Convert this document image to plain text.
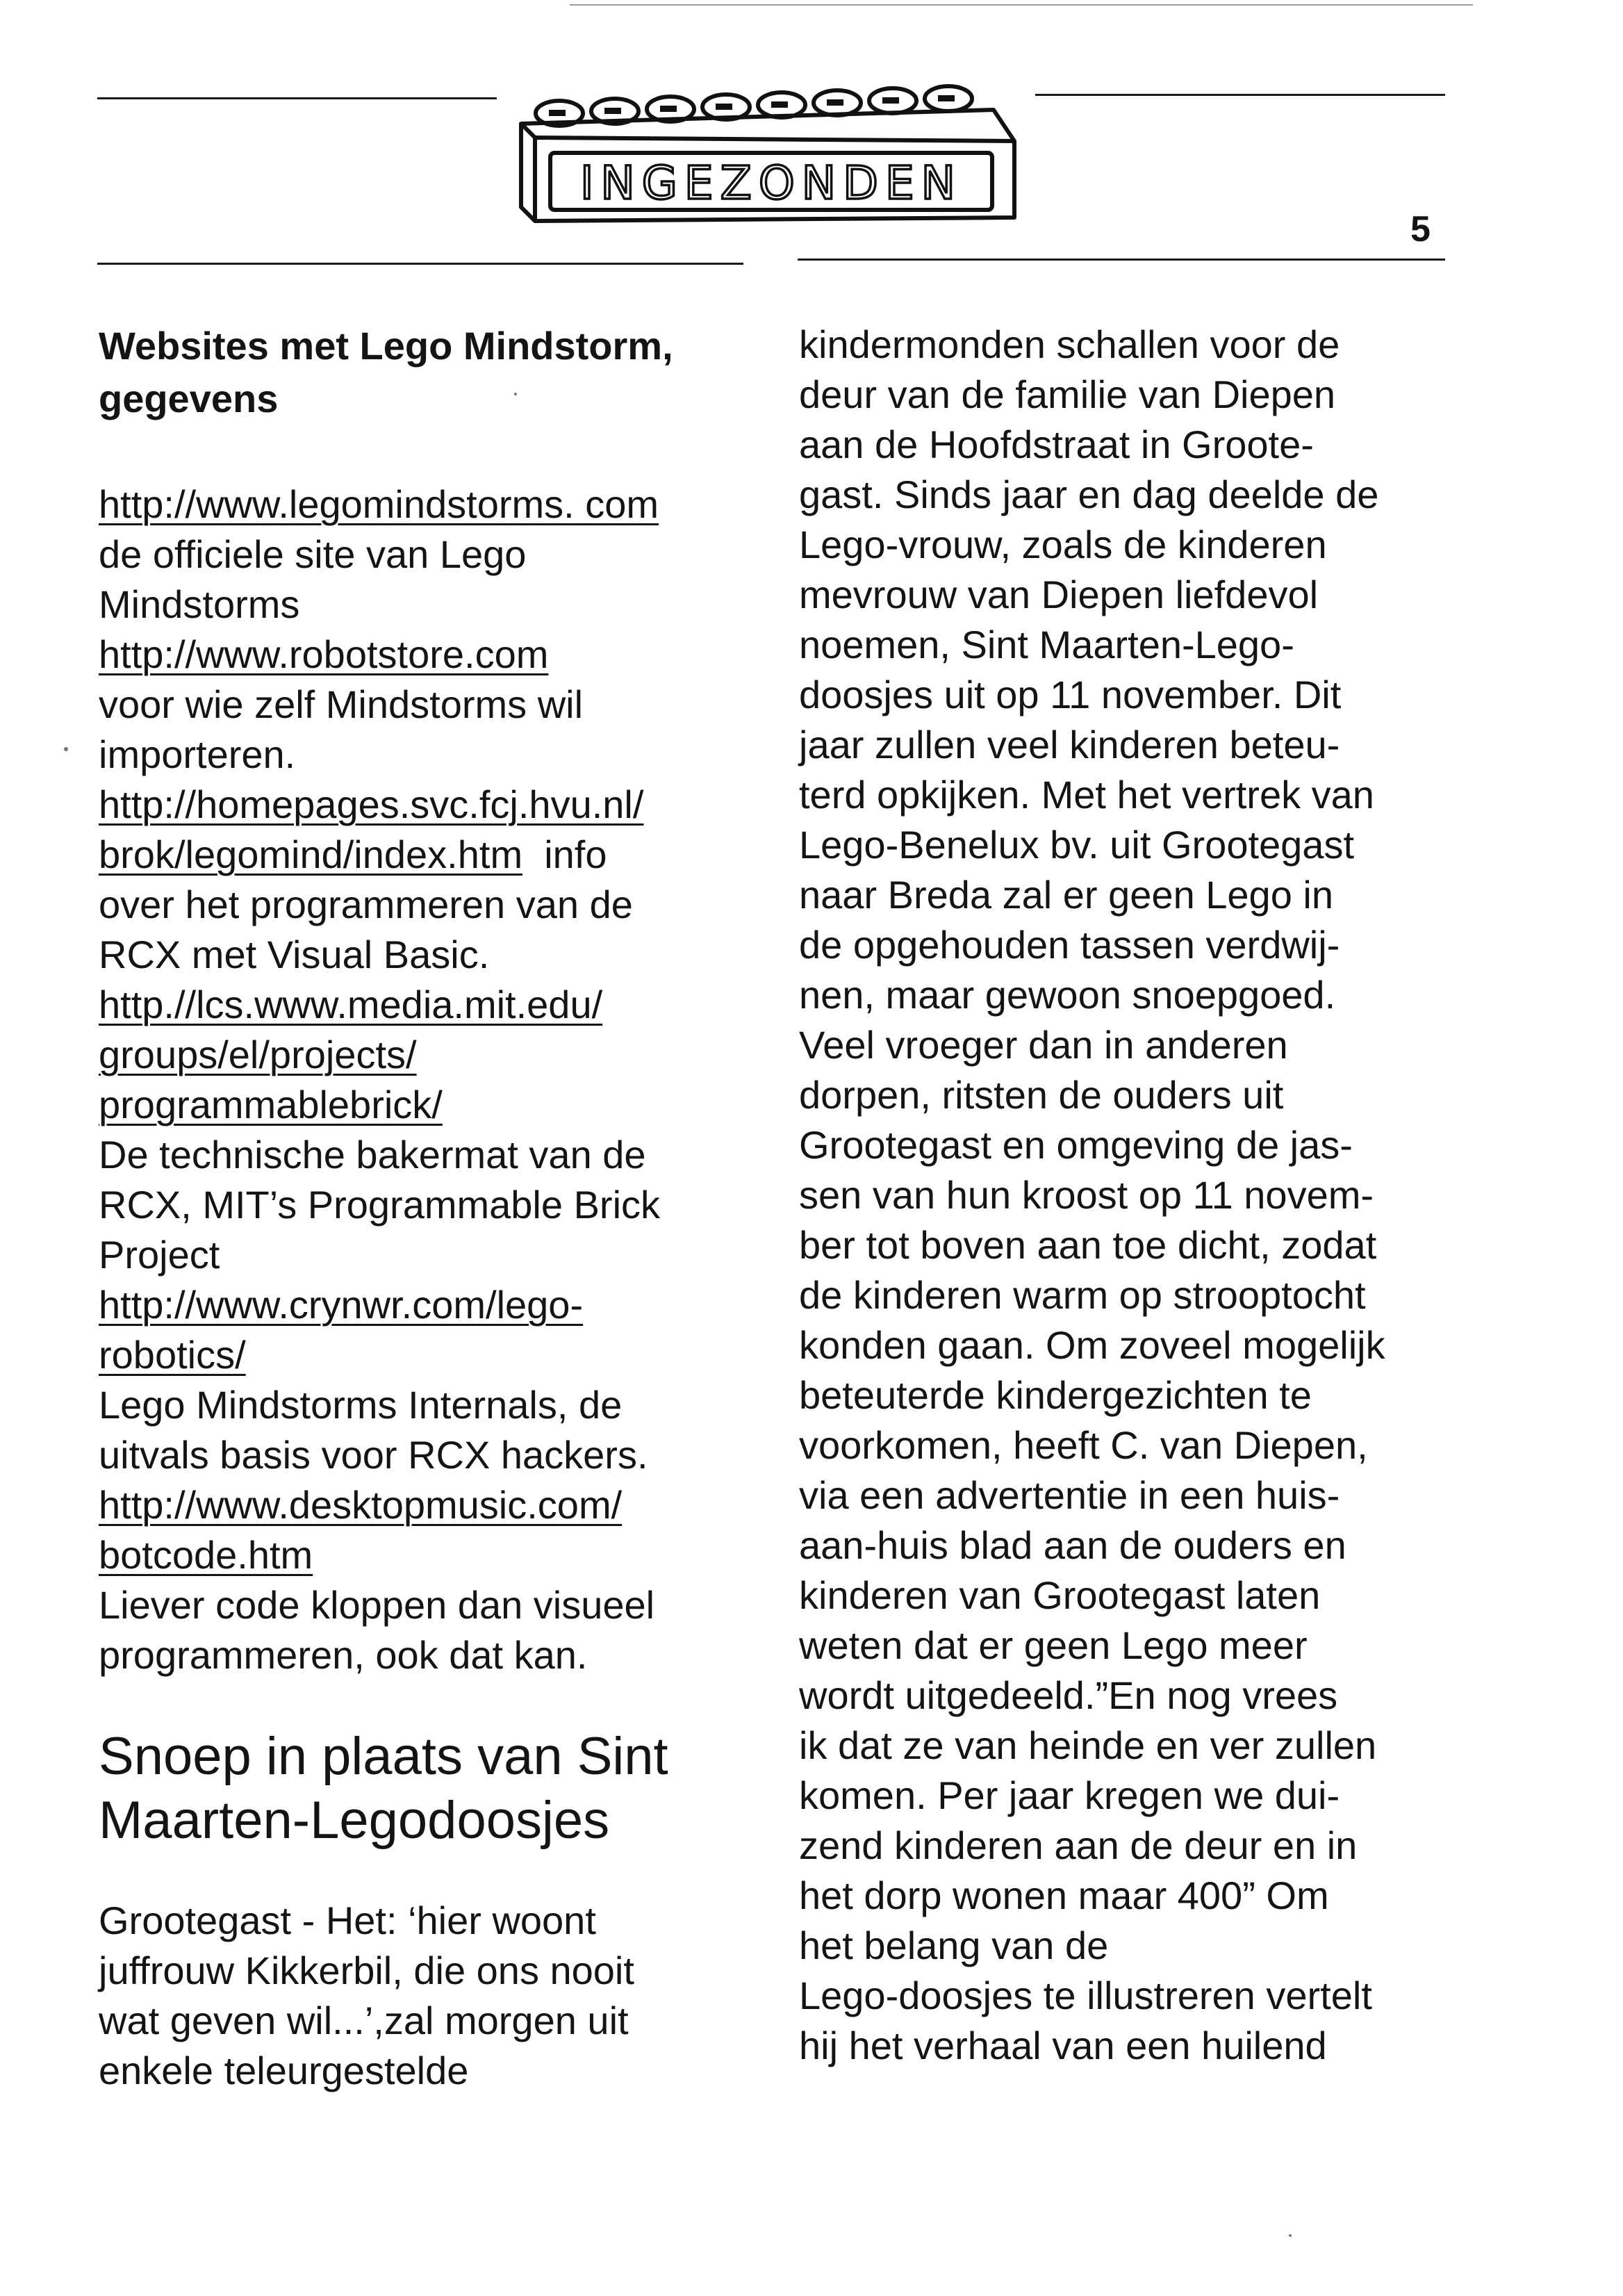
INGEZONDEN
5
Websites met Lego Mindstorm,
gegevens
http://www.legomindstorms. com
de officiele site van Lego
Mindstorms
http://www.robotstore.com
voor wie zelf Mindstorms wil
importeren.
http://homepages.svc.fcj.hvu.nl/
brok/legomind/index.htm info
over het programmeren van de
RCX met Visual Basic.
http.//lcs.www.media.mit.edu/
groups/el/projects/
programmablebrick/
De technische bakermat van de
RCX, MIT’s Programmable Brick
Project
http://www.crynwr.com/lego-
robotics/
Lego Mindstorms Internals, de
uitvals basis voor RCX hackers.
http://www.desktopmusic.com/
botcode.htm
Liever code kloppen dan visueel
programmeren, ook dat kan.
Snoep in plaats van Sint
Maarten-Legodoosjes
Grootegast - Het: ‘hier woont
juffrouw Kikkerbil, die ons nooit
wat geven wil...’,zal morgen uit
enkele teleurgestelde
kindermonden schallen voor de
deur van de familie van Diepen
aan de Hoofdstraat in Groote-
gast. Sinds jaar en dag deelde de
Lego-vrouw, zoals de kinderen
mevrouw van Diepen liefdevol
noemen, Sint Maarten-Lego-
doosjes uit op 11 november. Dit
jaar zullen veel kinderen beteu-
terd opkijken. Met het vertrek van
Lego-Benelux bv. uit Grootegast
naar Breda zal er geen Lego in
de opgehouden tassen verdwij-
nen, maar gewoon snoepgoed.
Veel vroeger dan in anderen
dorpen, ritsten de ouders uit
Grootegast en omgeving de jas-
sen van hun kroost op 11 novem-
ber tot boven aan toe dicht, zodat
de kinderen warm op strooptocht
konden gaan. Om zoveel mogelijk
beteuterde kindergezichten te
voorkomen, heeft C. van Diepen,
via een advertentie in een huis-
aan-huis blad aan de ouders en
kinderen van Grootegast laten
weten dat er geen Lego meer
wordt uitgedeeld.”En nog vrees
ik dat ze van heinde en ver zullen
komen. Per jaar kregen we dui-
zend kinderen aan de deur en in
het dorp wonen maar 400” Om
het belang van de
Lego-doosjes te illustreren vertelt
hij het verhaal van een huilend
